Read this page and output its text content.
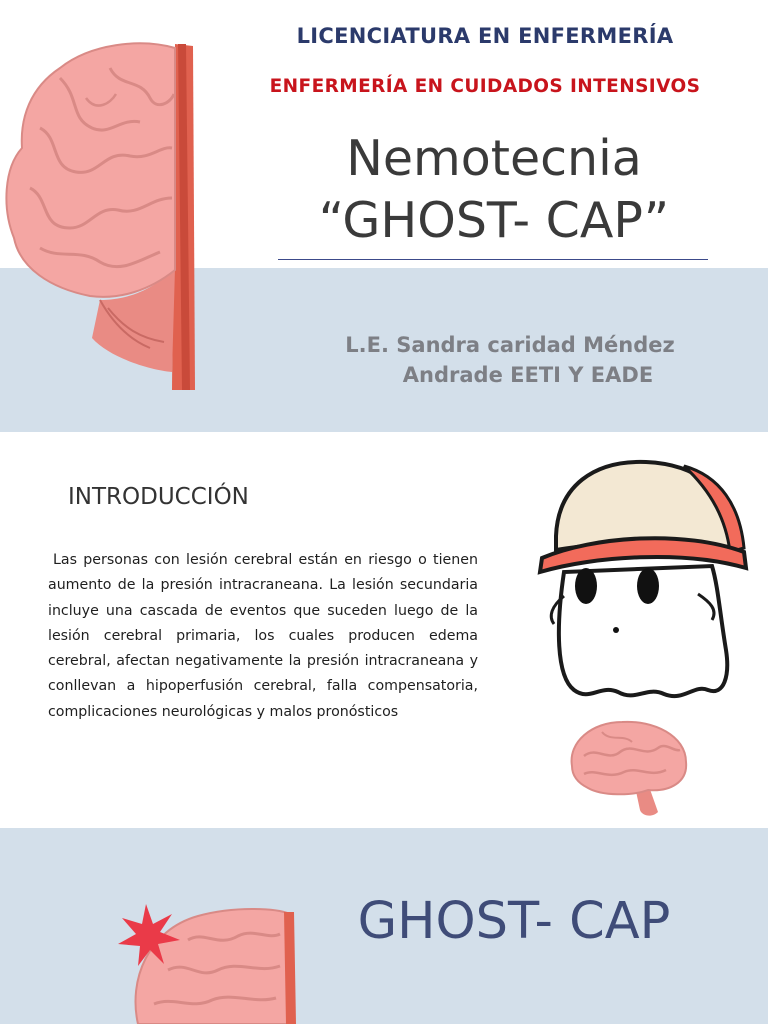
LICENCIATURA EN ENFERMERÍA
ENFERMERÍA EN CUIDADOS INTENSIVOS
Nemotecnia
“GHOST- CAP”
L.E. Sandra caridad Méndez
Andrade EETI Y EADE
INTRODUCCIÓN
Las personas con lesión cerebral están en riesgo o tienen aumento de la presión intracraneana. La lesión secundaria incluye una cascada de eventos que suceden luego de la lesión cerebral primaria, los cuales producen edema cerebral, afectan negativamente la presión intracraneana y conllevan a hipoperfusión cerebral, falla compensatoria, complicaciones neurológicas y malos pronósticos
GHOST- CAP
